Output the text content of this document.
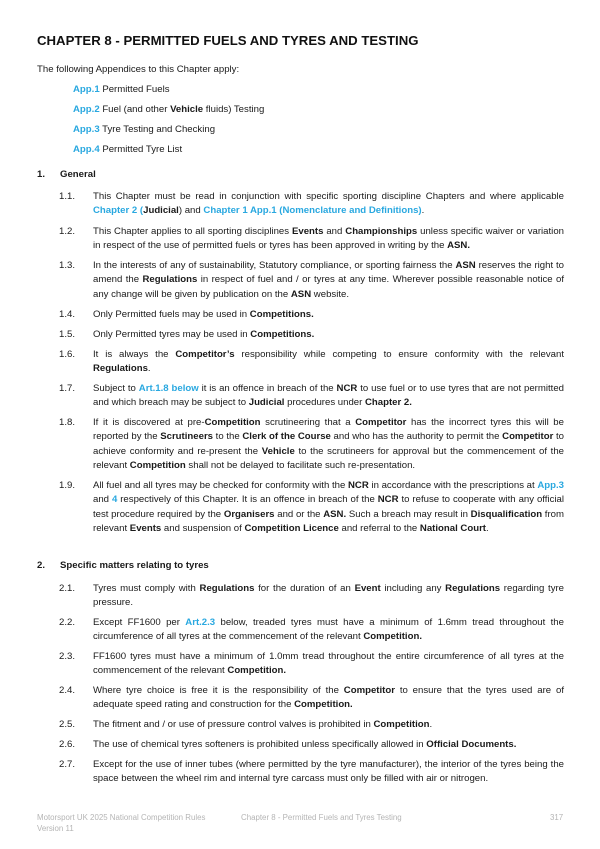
CHAPTER 8 - PERMITTED FUELS AND TYRES AND TESTING
The following Appendices to this Chapter apply:
App.1 Permitted Fuels
App.2 Fuel (and other Vehicle fluids) Testing
App.3 Tyre Testing and Checking
App.4 Permitted Tyre List
1. General
1.1.	This Chapter must be read in conjunction with specific sporting discipline Chapters and where applicable Chapter 2 (Judicial) and Chapter 1 App.1 (Nomenclature and Definitions).
1.2.	This Chapter applies to all sporting disciplines Events and Championships unless specific waiver or variation in respect of the use of permitted fuels or tyres has been approved in writing by the ASN.
1.3.	In the interests of any of sustainability, Statutory compliance, or sporting fairness the ASN reserves the right to amend the Regulations in respect of fuel and / or tyres at any time. Wherever possible reasonable notice of any change will be given by publication on the ASN website.
1.4.	Only Permitted fuels may be used in Competitions.
1.5.	Only Permitted tyres may be used in Competitions.
1.6.	It is always the Competitor’s responsibility while competing to ensure conformity with the relevant Regulations.
1.7.	Subject to Art.1.8 below it is an offence in breach of the NCR to use fuel or to use tyres that are not permitted and which breach may be subject to Judicial procedures under Chapter 2.
1.8.	If it is discovered at pre-Competition scrutineering that a Competitor has the incorrect tyres this will be reported by the Scrutineers to the Clerk of the Course and who has the authority to permit the Competitor to achieve conformity and re-present the Vehicle to the scrutineers for approval but the commencement of the relevant Competition shall not be delayed to facilitate such re-presentation.
1.9.	All fuel and all tyres may be checked for conformity with the NCR in accordance with the prescriptions at App.3 and 4 respectively of this Chapter. It is an offence in breach of the NCR to refuse to cooperate with any official test procedure required by the Organisers and or the ASN. Such a breach may result in Disqualification from relevant Events and suspension of Competition Licence and referral to the National Court.
2. Specific matters relating to tyres
2.1.	Tyres must comply with Regulations for the duration of an Event including any Regulations regarding tyre pressure.
2.2.	Except FF1600 per Art.2.3 below, treaded tyres must have a minimum of 1.6mm tread throughout the circumference of all tyres at the commencement of the relevant Competition.
2.3.	FF1600 tyres must have a minimum of 1.0mm tread throughout the entire circumference of all tyres at the commencement of the relevant Competition.
2.4.	Where tyre choice is free it is the responsibility of the Competitor to ensure that the tyres used are of adequate speed rating and construction for the Competition.
2.5.	The fitment and / or use of pressure control valves is prohibited in Competition.
2.6.	The use of chemical tyres softeners is prohibited unless specifically allowed in Official Documents.
2.7.	Except for the use of inner tubes (where permitted by the tyre manufacturer), the interior of the tyres being the space between the wheel rim and internal tyre carcass must only be filled with air or nitrogen.
Motorsport UK 2025 National Competition Rules
Version 11
Chapter 8 - Permitted Fuels and Tyres Testing	317
